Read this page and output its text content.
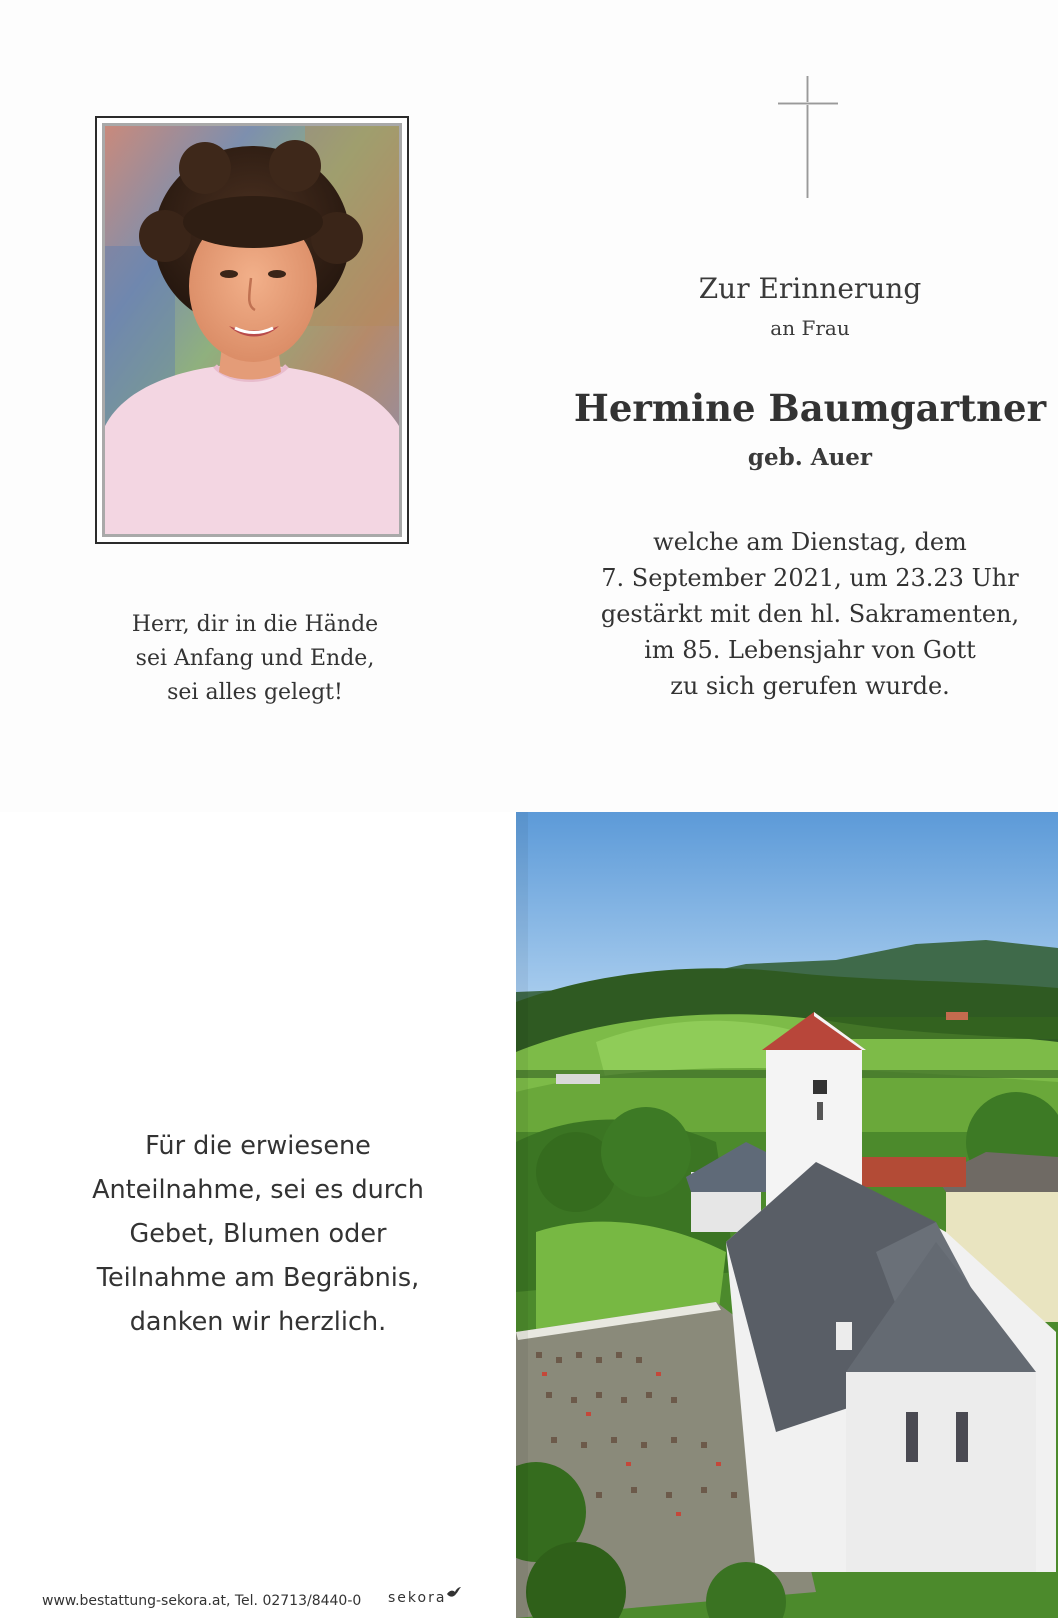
Zur Erinnerung
an Frau
Hermine Baumgartner
geb. Auer
welche am Dienstag, dem
7. September 2021, um 23.23 Uhr
gestärkt mit den hl. Sakramenten,
im 85. Lebensjahr von Gott
zu sich gerufen wurde.
Herr, dir in die Hände
sei Anfang und Ende,
sei alles gelegt!
Für die erwiesene
Anteilnahme, sei es durch
Gebet, Blumen oder
Teilnahme am Begräbnis,
danken wir herzlich.
www.bestattung-sekora.at, Tel. 02713/8440-0 sekora
